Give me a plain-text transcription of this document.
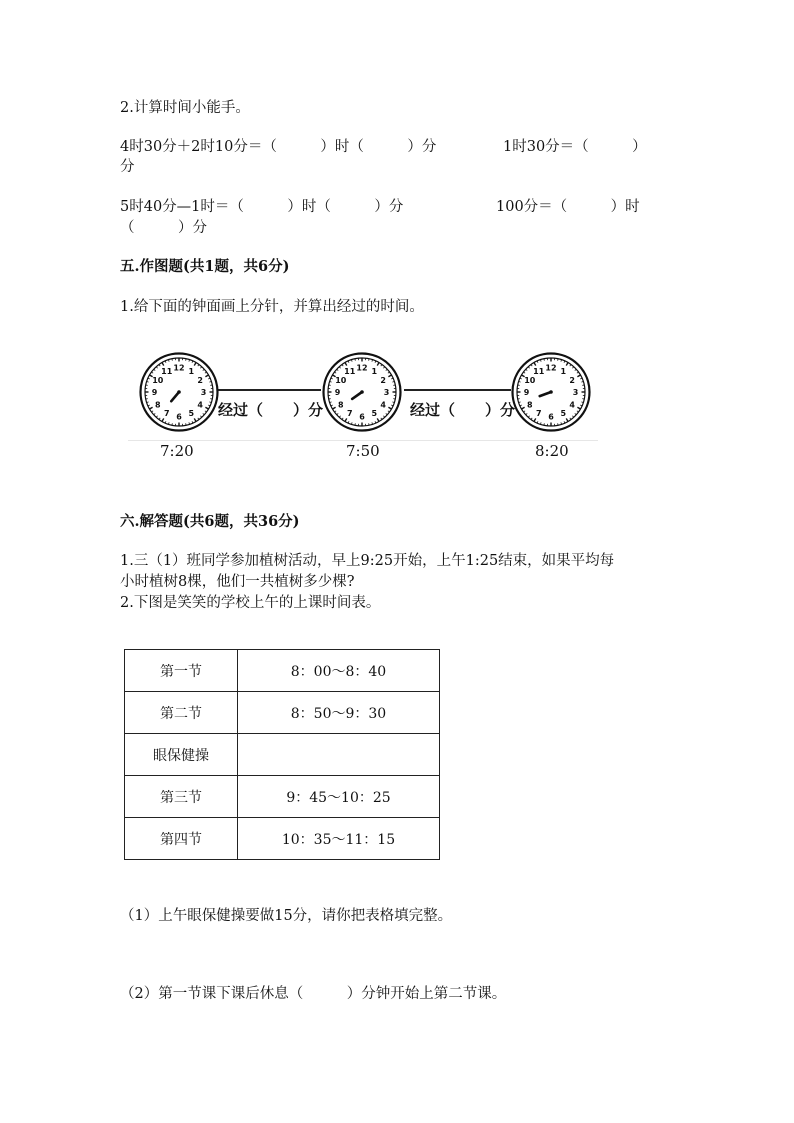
2.计算时间小能手。
4时30分＋2时10分＝（　　　）时（　　　）分	1时30分＝（　　　）
分
5时40分—1时＝（　　　）时（　　　）分	100分＝（　　　）时
（　　　）分
五.作图题(共1题，共6分)
1.给下面的钟面画上分针，并算出经过的时间。
经过（　　）分	经过（　　）分
1
2
3
4
5
6
7
8
9
10
11 12	1
2
3
4
5
6
7
8
9
10
11 12	1
2
3
4
5
6
7
8
9
10
11 12
7:20	7:50	8:20
六.解答题(共6题，共36分)
1.三（1）班同学参加植树活动，早上9:25开始，上午1:25结束，如果平均每
小时植树8棵，他们一共植树多少棵?
2.下图是笑笑的学校上午的上课时间表。
第一节	8：00～8：40
第二节	8：50～9：30
眼保健操	
第三节	9：45～10：25
第四节	10：35～11：15
（1）上午眼保健操要做15分，请你把表格填完整。
（2）第一节课下课后休息（　　　）分钟开始上第二节课。
